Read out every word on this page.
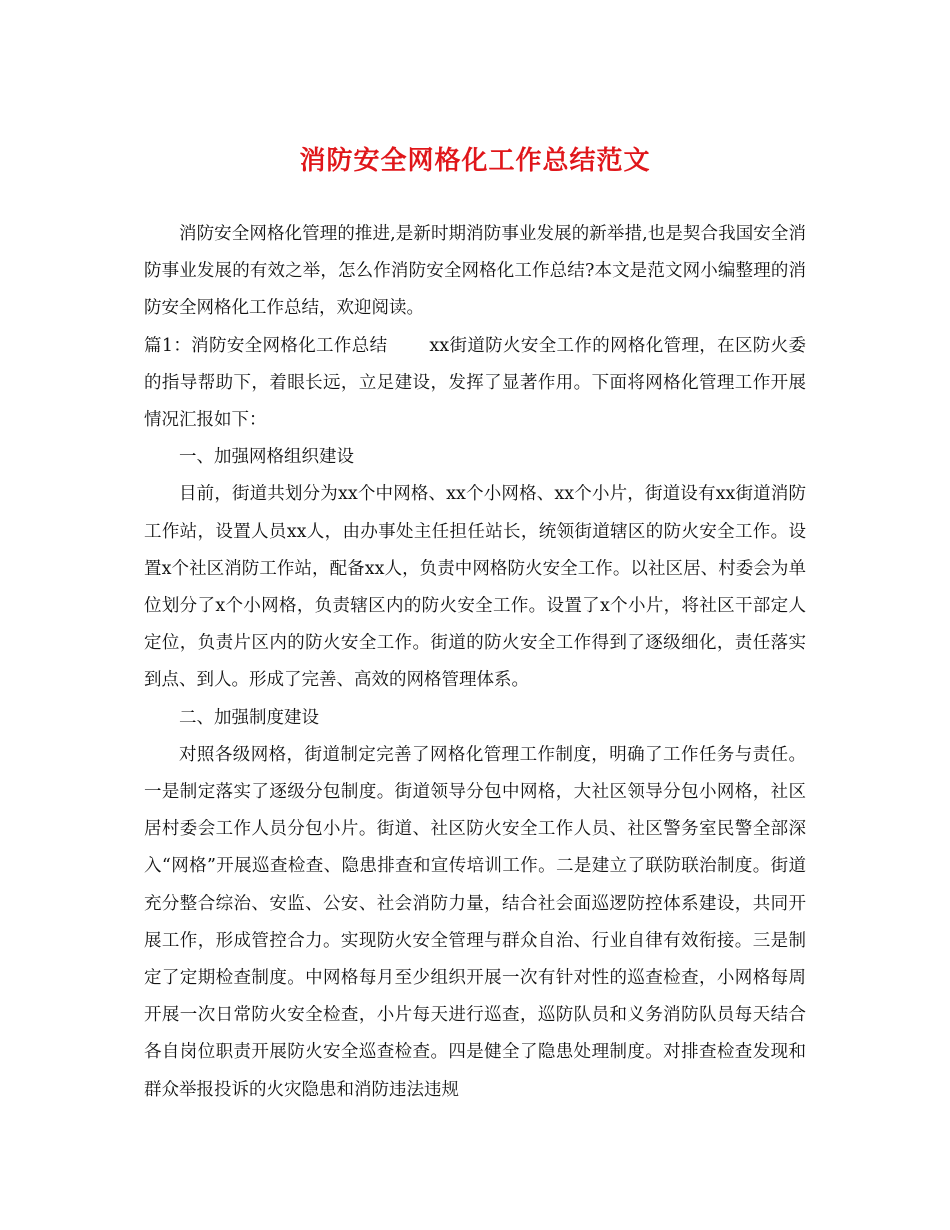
消防安全网格化工作总结范文

消防安全网格化管理的推进,是新时期消防事业发展的新举措,也是契合我国安全消防事业发展的有效之举，怎么作消防安全网格化工作总结?本文是范文网小编整理的消防安全网格化工作总结，欢迎阅读。

篇1：消防安全网格化工作总结 xx街道防火安全工作的网格化管理，在区防火委的指导帮助下，着眼长远，立足建设，发挥了显著作用。下面将网格化管理工作开展情况汇报如下：

一、加强网格组织建设

目前，街道共划分为xx个中网格、xx个小网格、xx个小片，街道设有xx街道消防工作站，设置人员xx人，由办事处主任担任站长，统领街道辖区的防火安全工作。设置x个社区消防工作站，配备xx人，负责中网格防火安全工作。以社区居、村委会为单位划分了x个小网格，负责辖区内的防火安全工作。设置了x个小片，将社区干部定人定位，负责片区内的防火安全工作。街道的防火安全工作得到了逐级细化，责任落实到点、到人。形成了完善、高效的网格管理体系。

二、加强制度建设

对照各级网格，街道制定完善了网格化管理工作制度，明确了工作任务与责任。一是制定落实了逐级分包制度。街道领导分包中网格，大社区领导分包小网格，社区居村委会工作人员分包小片。街道、社区防火安全工作人员、社区警务室民警全部深入“网格”开展巡查检查、隐患排查和宣传培训工作。二是建立了联防联治制度。街道充分整合综治、安监、公安、社会消防力量，结合社会面巡逻防控体系建设，共同开展工作，形成管控合力。实现防火安全管理与群众自治、行业自律有效衔接。三是制定了定期检查制度。中网格每月至少组织开展一次有针对性的巡查检查，小网格每周开展一次日常防火安全检查，小片每天进行巡查，巡防队员和义务消防队员每天结合各自岗位职责开展防火安全巡查检查。四是健全了隐患处理制度。对排查检查发现和群众举报投诉的火灾隐患和消防违法违规
